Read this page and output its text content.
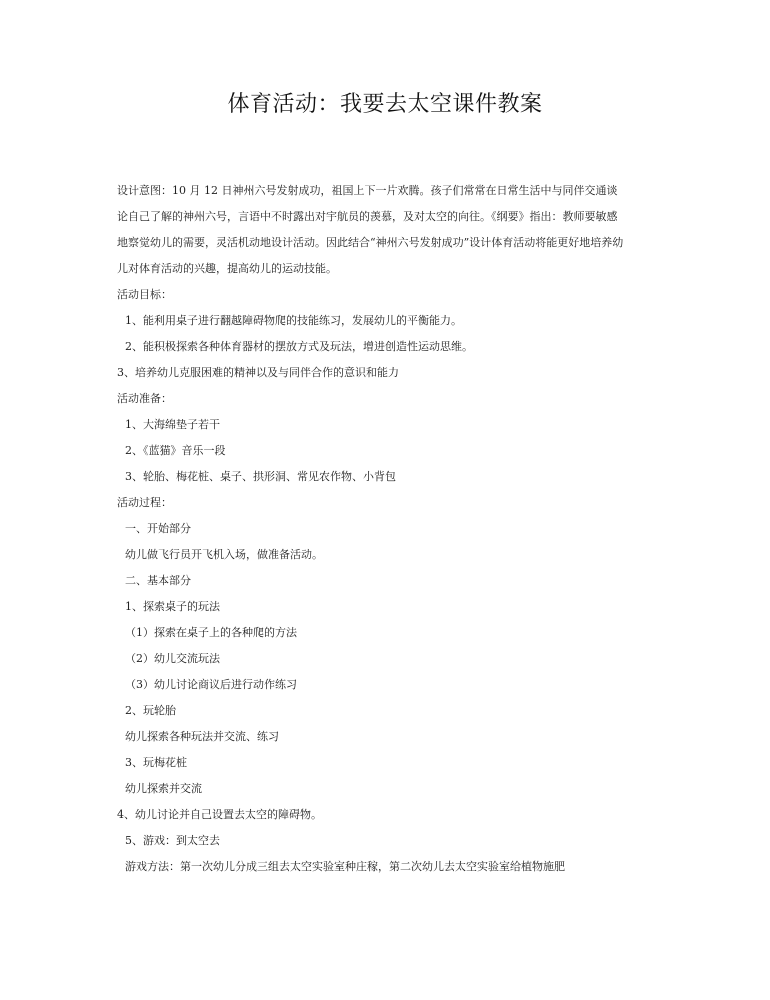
体育活动：我要去太空课件教案

设计意图：10 月 12 日神州六号发射成功，祖国上下一片欢腾。孩子们常常在日常生活中与同伴交通谈

论自己了解的神州六号，言语中不时露出对宇航员的羡慕，及对太空的向往。《纲要》指出：教师要敏感

地察觉幼儿的需要，灵活机动地设计活动。因此结合“神州六号发射成功”设计体育活动将能更好地培养幼

儿对体育活动的兴趣，提高幼儿的运动技能。

活动目标：

1、能利用桌子进行翻越障碍物爬的技能练习，发展幼儿的平衡能力。

2、能积极探索各种体育器材的摆放方式及玩法，增进创造性运动思维。

3、培养幼儿克服困难的精神以及与同伴合作的意识和能力

活动准备：

1、大海绵垫子若干

2、《蓝猫》音乐一段

3、轮胎、梅花桩、桌子、拱形洞、常见农作物、小背包

活动过程：

一、开始部分

幼儿做飞行员开飞机入场，做准备活动。

二、基本部分

1、探索桌子的玩法

（1）探索在桌子上的各种爬的方法

（2）幼儿交流玩法

（3）幼儿讨论商议后进行动作练习

2、玩轮胎

幼儿探索各种玩法并交流、练习

3、玩梅花桩

幼儿探索并交流

4、幼儿讨论并自己设置去太空的障碍物。

5、游戏：到太空去

游戏方法：第一次幼儿分成三组去太空实验室种庄稼，第二次幼儿去太空实验室给植物施肥
